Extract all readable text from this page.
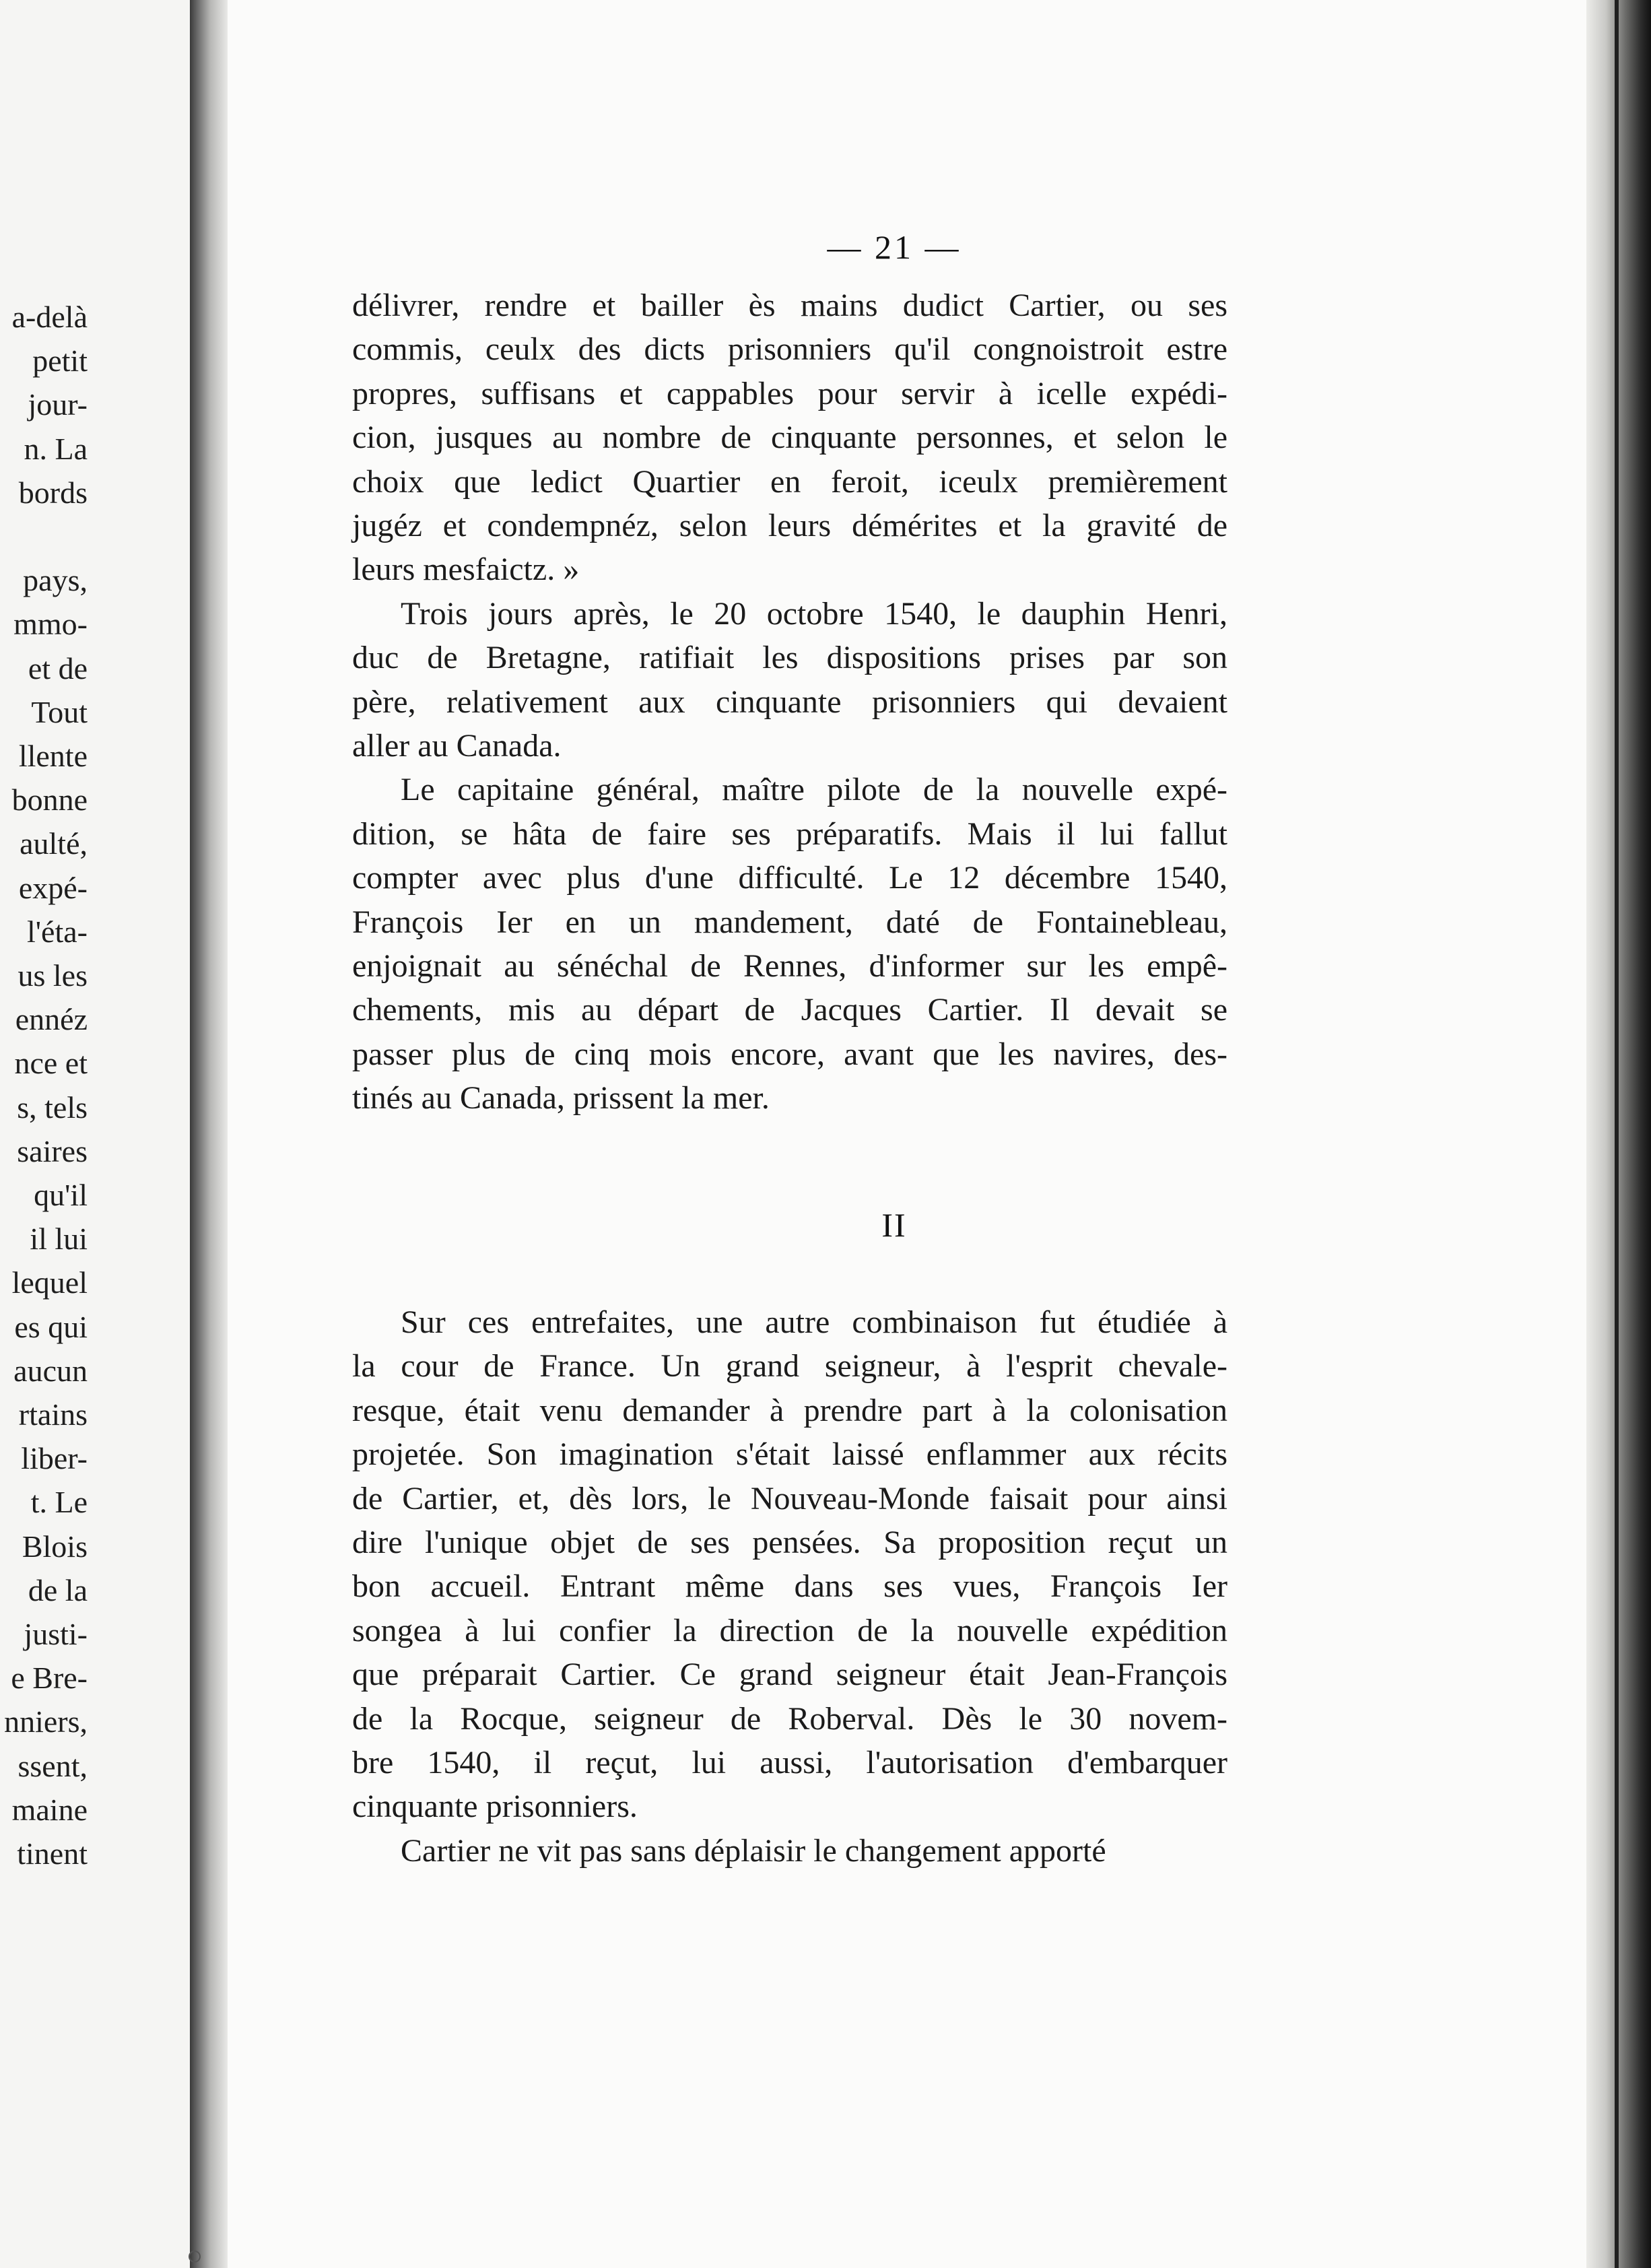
a-delà
petit
jour-
n. La
bords
pays,
mmo-
et de
Tout
llente
bonne
aulté,
expé-
l'éta-
us les
ennéz
nce et
s, tels
saires
qu'il
il lui
lequel
es qui
aucun
rtains
liber-
t. Le
Blois
de la
justi-
e Bre-
nniers,
ssent,
maine
tinent
— 21 —
délivrer, rendre et bailler ès mains dudict Cartier, ou ses
commis, ceulx des dicts prisonniers qu'il congnoistroit estre
propres, suffisans et cappables pour servir à icelle expédi-
cion, jusques au nombre de cinquante personnes, et selon le
choix que ledict Quartier en feroit, iceulx premièrement
jugéz et condempnéz, selon leurs démérites et la gravité de
leurs mesfaictz. »
Trois jours après, le 20 octobre 1540, le dauphin Henri,
duc de Bretagne, ratifiait les dispositions prises par son
père, relativement aux cinquante prisonniers qui devaient
aller au Canada.
Le capitaine général, maître pilote de la nouvelle expé-
dition, se hâta de faire ses préparatifs. Mais il lui fallut
compter avec plus d'une difficulté. Le 12 décembre 1540,
François Ier en un mandement, daté de Fontainebleau,
enjoignait au sénéchal de Rennes, d'informer sur les empê-
chements, mis au départ de Jacques Cartier. Il devait se
passer plus de cinq mois encore, avant que les navires, des-
tinés au Canada, prissent la mer.
Sur ces entrefaites, une autre combinaison fut étudiée à
la cour de France. Un grand seigneur, à l'esprit chevale-
resque, était venu demander à prendre part à la colonisation
projetée. Son imagination s'était laissé enflammer aux récits
de Cartier, et, dès lors, le Nouveau-Monde faisait pour ainsi
dire l'unique objet de ses pensées. Sa proposition reçut un
bon accueil. Entrant même dans ses vues, François Ier
songea à lui confier la direction de la nouvelle expédition
que préparait Cartier. Ce grand seigneur était Jean-François
de la Rocque, seigneur de Roberval. Dès le 30 novem-
bre 1540, il reçut, lui aussi, l'autorisation d'embarquer
cinquante prisonniers.
Cartier ne vit pas sans déplaisir le changement apporté
II
